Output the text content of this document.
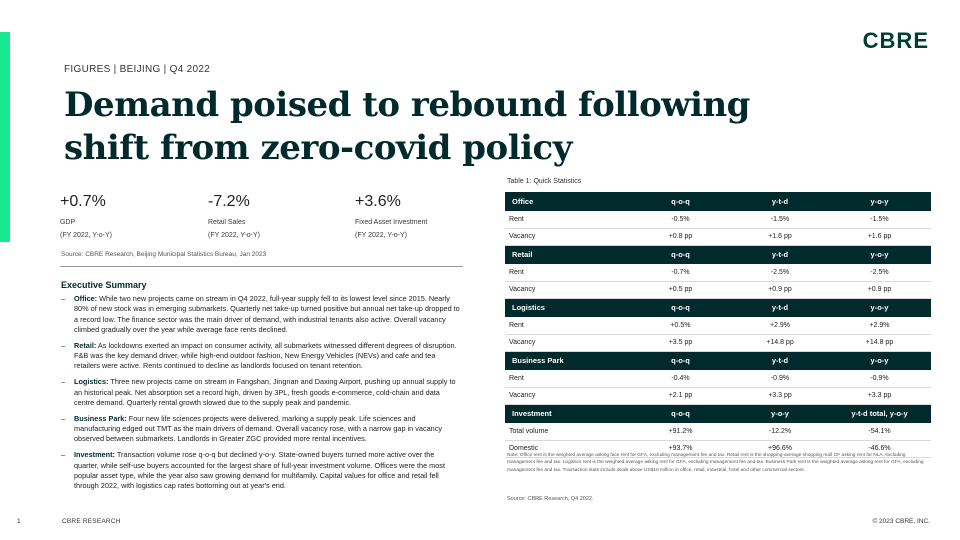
CBRE
FIGURES | BEIJING | Q4 2022
Demand poised to rebound following shift from zero-covid policy
+0.7%
GDP
(FY 2022, Y-o-Y)
-7.2%
Retail Sales
(FY 2022, Y-o-Y)
+3.6%
Fixed Asset Investment
(FY 2022, Y-o-Y)
Source: CBRE Research, Beijing Municipal Statistics Bureau, Jan 2023
Executive Summary

– Office: While two new projects came on stream in Q4 2022, full-year supply fell to its lowest level since 2015. Nearly 80% of new stock was in emerging submarkets. Quarterly net take-up turned positive but annual net take-up dropped to a record low. The finance sector was the main driver of demand, with industrial tenants also active. Overall vacancy climbed gradually over the year while average face rents declined.

– Retail: As lockdowns exerted an impact on consumer activity, all submarkets witnessed different degrees of disruption. F&B was the key demand driver, while high-end outdoor fashion, New Energy Vehicles (NEVs) and cafe and tea retailers were active. Rents continued to decline as landlords focused on tenant retention.

– Logistics: Three new projects came on stream in Fangshan, Jingnan and Daxing Airport, pushing up annual supply to an historical peak. Net absorption set a record high, driven by 3PL, fresh goods e-commerce, cold-chain and data centre demand. Quarterly rental growth slowed due to the supply peak and pandemic.

– Business Park: Four new life sciences projects were delivered, marking a supply peak. Life sciences and manufacturing edged out TMT as the main drivers of demand. Overall vacancy rose, with a narrow gap in vacancy observed between submarkets. Landlords in Greater ZGC provided more rental incentives.

– Investment: Transaction volume rose q-o-q but declined y-o-y. State-owned buyers turned more active over the quarter, while self-use buyers accounted for the largest share of full-year investment volume. Offices were the most popular asset type, while the year also saw growing demand for multifamily. Capital values for office and retail fell through 2022, with logistics cap rates bottoming out at year's end.

Table 1: Quick Statistics
Office	q-o-q	y-t-d	y-o-y
Rent	-0.5%	-1.5%	-1.5%
Vacancy	+0.8 pp	+1.6 pp	+1.6 pp
Retail	q-o-q	y-t-d	y-o-y
Rent	-0.7%	-2.5%	-2.5%
Vacancy	+0.5 pp	+0.9 pp	+0.9 pp
Logistics	q-o-q	y-t-d	y-o-y
Rent	+0.5%	+2.9%	+2.9%
Vacancy	+3.5 pp	+14.8 pp	+14.8 pp
Business Park	q-o-q	y-t-d	y-o-y
Rent	-0.4%	-0.9%	-0.9%
Vacancy	+2.1 pp	+3.3 pp	+3.3 pp
Investment	q-o-q	y-o-y	y-t-d total, y-o-y
Total volume	+91.2%	-12.2%	-54.1%
Domestic	+93.7%	+96.6%	-46.6%
Note: Office rent is the weighted average asking face rent for GFA, excluding management fee and tax. Retail rent is the shopping-average shopping mall GF asking rent for NLA, excluding management fee and tax. Logistics rent is the weighted average asking rent for GFA, excluding management fee and tax. Business Park rent is the weighted average asking rent for GFA, excluding management fee and tax. Transaction stats include deals above US$10 million in office, retail, industrial, hotel and other commercial sectors.
Source: CBRE Research, Q4 2022.
1	CBRE RESEARCH	© 2023 CBRE, INC.
